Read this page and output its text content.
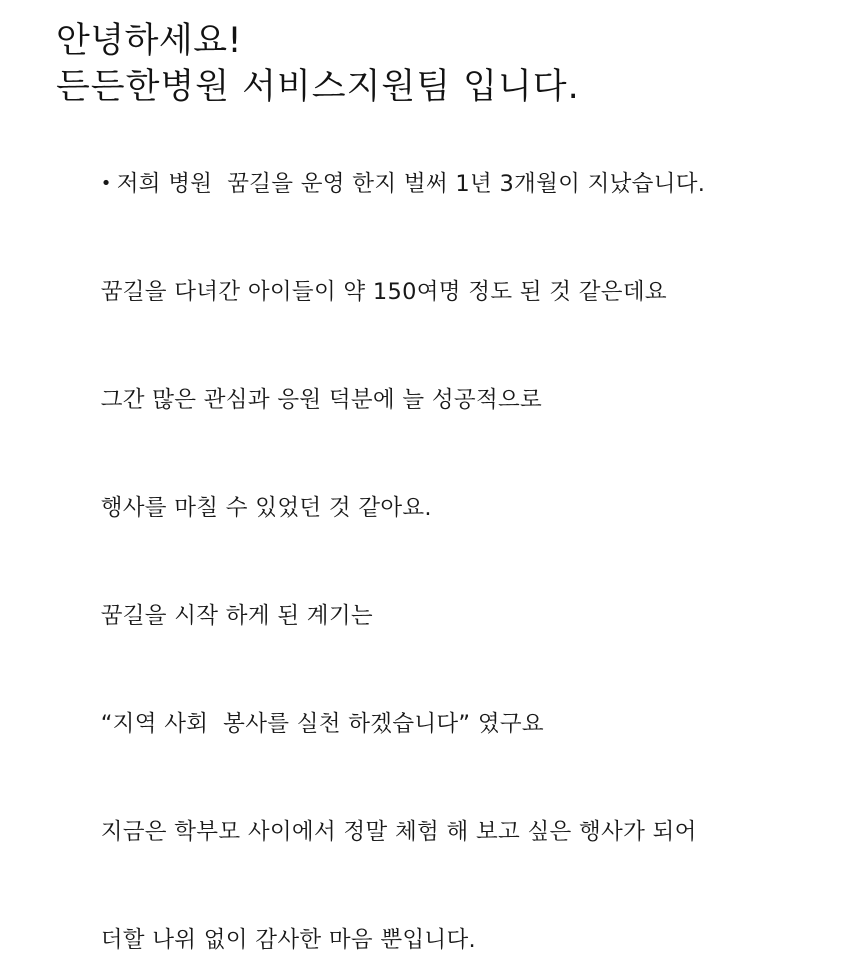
안녕하세요!
든든한병원 서비스지원팀 입니다.

• 저희 병원  꿈길을 운영 한지 벌써 1년 3개월이 지났습니다.

꿈길을 다녀간 아이들이 약 150여명 정도 된 것 같은데요

그간 많은 관심과 응원 덕분에 늘 성공적으로

행사를 마칠 수 있었던 것 같아요.

꿈길을 시작 하게 된 계기는

“지역 사회  봉사를 실천 하겠습니다” 였구요

지금은 학부모 사이에서 정말 체험 해 보고 싶은 행사가 되어

더할 나위 없이 감사한 마음 뿐입니다.
